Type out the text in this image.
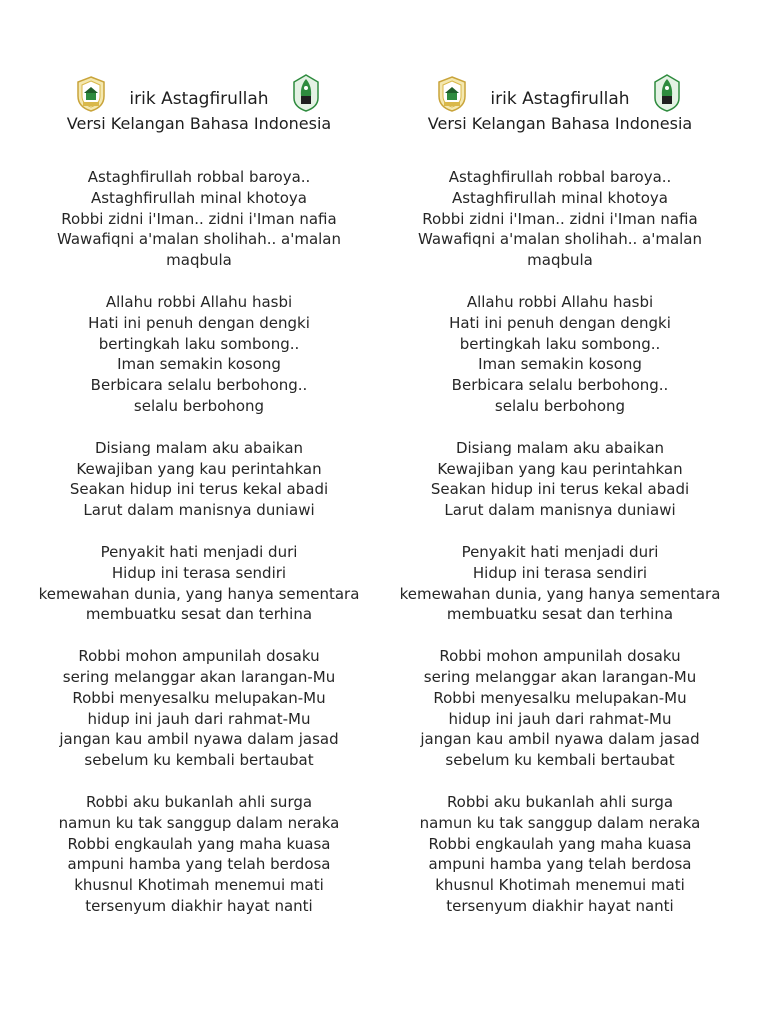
irik Astagfirullah
Versi Kelangan Bahasa Indonesia
Astaghfirullah robbal baroya..
Astaghfirullah minal khotoya
Robbi zidni i'Iman.. zidni i'Iman nafia
Wawafiqni a'malan sholihah.. a'malan
maqbula
Allahu robbi Allahu hasbi
Hati ini penuh dengan dengki
bertingkah laku sombong..
Iman semakin kosong
Berbicara selalu berbohong..
selalu berbohong
Disiang malam aku abaikan
Kewajiban yang kau perintahkan
Seakan hidup ini terus kekal abadi
Larut dalam manisnya duniawi
Penyakit hati menjadi duri
Hidup ini terasa sendiri
kemewahan dunia, yang hanya sementara
membuatku sesat dan terhina
Robbi mohon ampunilah dosaku
sering melanggar akan larangan-Mu
Robbi menyesalku melupakan-Mu
hidup ini jauh dari rahmat-Mu
jangan kau ambil nyawa dalam jasad
sebelum ku kembali bertaubat
Robbi aku bukanlah ahli surga
namun ku tak sanggup dalam neraka
Robbi engkaulah yang maha kuasa
ampuni hamba yang telah berdosa
khusnul Khotimah menemui mati
tersenyum diakhir hayat nanti
irik Astagfirullah
Versi Kelangan Bahasa Indonesia
Astaghfirullah robbal baroya..
Astaghfirullah minal khotoya
Robbi zidni i'Iman.. zidni i'Iman nafia
Wawafiqni a'malan sholihah.. a'malan
maqbula
Allahu robbi Allahu hasbi
Hati ini penuh dengan dengki
bertingkah laku sombong..
Iman semakin kosong
Berbicara selalu berbohong..
selalu berbohong
Disiang malam aku abaikan
Kewajiban yang kau perintahkan
Seakan hidup ini terus kekal abadi
Larut dalam manisnya duniawi
Penyakit hati menjadi duri
Hidup ini terasa sendiri
kemewahan dunia, yang hanya sementara
membuatku sesat dan terhina
Robbi mohon ampunilah dosaku
sering melanggar akan larangan-Mu
Robbi menyesalku melupakan-Mu
hidup ini jauh dari rahmat-Mu
jangan kau ambil nyawa dalam jasad
sebelum ku kembali bertaubat
Robbi aku bukanlah ahli surga
namun ku tak sanggup dalam neraka
Robbi engkaulah yang maha kuasa
ampuni hamba yang telah berdosa
khusnul Khotimah menemui mati
tersenyum diakhir hayat nanti
